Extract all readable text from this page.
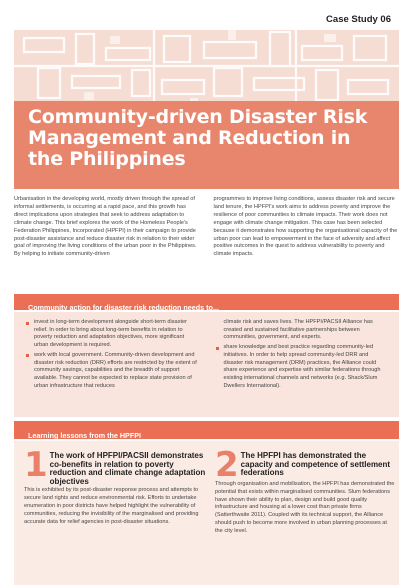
Case Study 06
Community-driven Disaster Risk Management and Reduction in the Philippines

Urbanisation in the developing world, mostly driven through the spread of informal settlements, is occurring at a rapid pace, and this growth has direct implications upon strategies that seek to address adaptation to climate change. This brief explores the work of the Homeless People's Federation Philippines, Incorporated (HPFPI) in their campaign to provide post-disaster assistance and reduce disaster risk in relation to their wider goal of improving the living conditions of the urban poor in the Philippines. By helping to initiate community-driven

programmes to improve living conditions, assess disaster risk and secure land tenure, the HPFPI's work aims to address poverty and improve the resilience of poor communities to climate impacts. Their work does not engage with climate change mitigation. This case has been selected because it demonstrates how supporting the organisational capacity of the urban poor can lead to empowerment in the face of adversity and affect positive outcomes in the quest to address vulnerability to poverty and climate impacts.

Community action for disaster risk reduction needs to...
invest in long-term development alongside short-term disaster relief. In order to bring about long-term benefits in relation to poverty reduction and adaptation objectives, more significant urban development is required.
work with local government. Community-driven development and disaster risk reduction (DRR) efforts are restricted by the extent of community savings, capabilities and the breadth of support available. They cannot be expected to replace state provision of urban infrastructure that reduces

climate risk and saves lives. The HPFPI/PACSII Alliance has created and sustained facilitative partnerships between communities, government, and experts.

share knowledge and best practice regarding community-led initiatives. In order to help spread community-led DRR and disaster risk management (DRM) practices, the Alliance could share experience and expertise with similar federations through existing international channels and networks (e.g. Shack/Slum Dwellers International).
Learning lessons from the HPFPI
1 The work of HPFPI/PACSII demonstrates co-benefits in relation to poverty reduction and climate change adaptation objectives

This is exhibited by its post-disaster response process and attempts to secure land rights and reduce environmental risk. Efforts to undertake enumeration in poor districts have helped highlight the vulnerability of communities, reducing the invisibility of the marginalised and providing accurate data for relief agencies in post-disaster situations.

2 The HPFPI has demonstrated the capacity and competence of settlement federations

Through organisation and mobilisation, the HPFPI has demonstrated the potential that exists within marginalised communities. Slum federations have shown their ability to plan, design and build good quality infrastructure and housing at a lower cost than private firms (Satterthwaite 2011). Coupled with its technical support, the Alliance should push to become more involved in urban planning processes at the city level.
